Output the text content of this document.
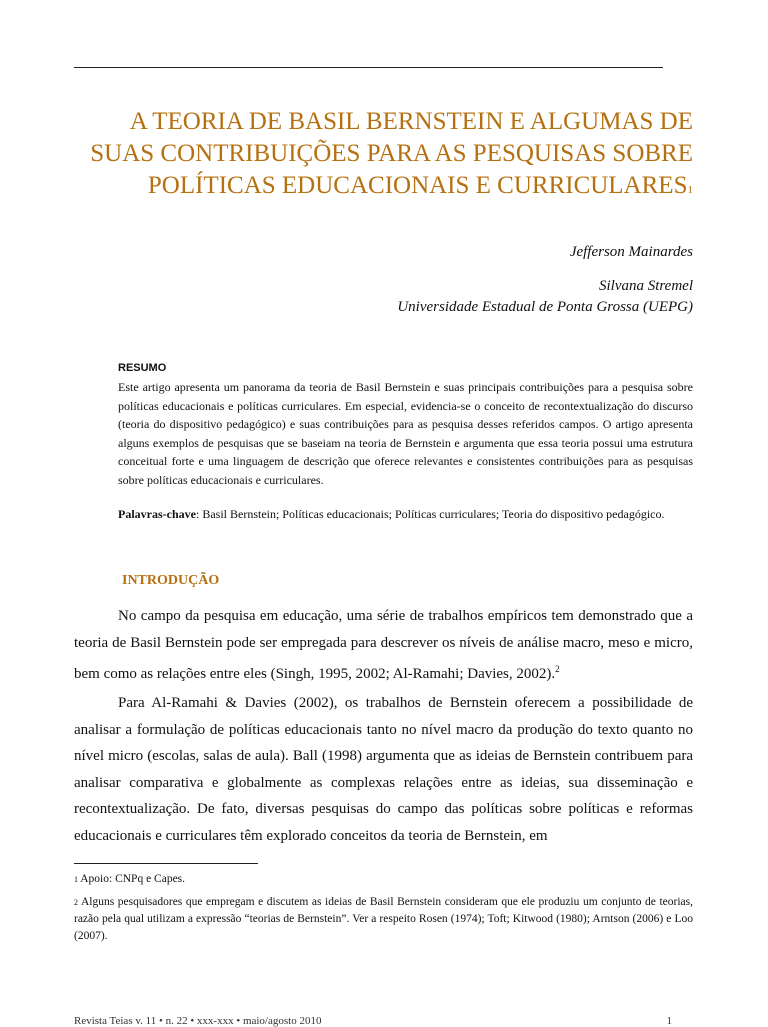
A TEORIA DE BASIL BERNSTEIN E ALGUMAS DE SUAS CONTRIBUIÇÕES PARA AS PESQUISAS SOBRE POLÍTICAS EDUCACIONAIS E CURRICULARES$^1$
Jefferson Mainardes
Silvana Stremel
Universidade Estadual de Ponta Grossa (UEPG)
RESUMO

Este artigo apresenta um panorama da teoria de Basil Bernstein e suas principais contribuições para a pesquisa sobre políticas educacionais e políticas curriculares. Em especial, evidencia-se o conceito de recontextualização do discurso (teoria do dispositivo pedagógico) e suas contribuições para as pesquisa desses referidos campos. O artigo apresenta alguns exemplos de pesquisas que se baseiam na teoria de Bernstein e argumenta que essa teoria possui uma estrutura conceitual forte e uma linguagem de descrição que oferece relevantes e consistentes contribuições para as pesquisas sobre políticas educacionais e curriculares.

Palavras-chave: Basil Bernstein; Políticas educacionais; Políticas curriculares; Teoria do dispositivo pedagógico.

INTRODUÇÃO

No campo da pesquisa em educação, uma série de trabalhos empíricos tem demonstrado que a teoria de Basil Bernstein pode ser empregada para descrever os níveis de análise macro, meso e micro, bem como as relações entre eles (Singh, 1995, 2002; Al-Ramahi; Davies, 2002).$^2$

Para Al-Ramahi & Davies (2002), os trabalhos de Bernstein oferecem a possibilidade de analisar a formulação de políticas educacionais tanto no nível macro da produção do texto quanto no nível micro (escolas, salas de aula). Ball (1998) argumenta que as ideias de Bernstein contribuem para analisar comparativa e globalmente as complexas relações entre as ideias, sua disseminação e recontextualização. De fato, diversas pesquisas do campo das políticas sobre políticas e reformas educacionais e curriculares têm explorado conceitos da teoria de Bernstein, em

$^1$ Apoio: CNPq e Capes.

$^2$ Alguns pesquisadores que empregam e discutem as ideias de Basil Bernstein consideram que ele produziu um conjunto de teorias, razão pela qual utilizam a expressão “teorias de Bernstein”. Ver a respeito Rosen (1974); Toft; Kitwood (1980); Arntson (2006) e Loo (2007).

Revista Teias v. 11 • n. 22 • xxx-xxx • maio/agosto 2010	1
